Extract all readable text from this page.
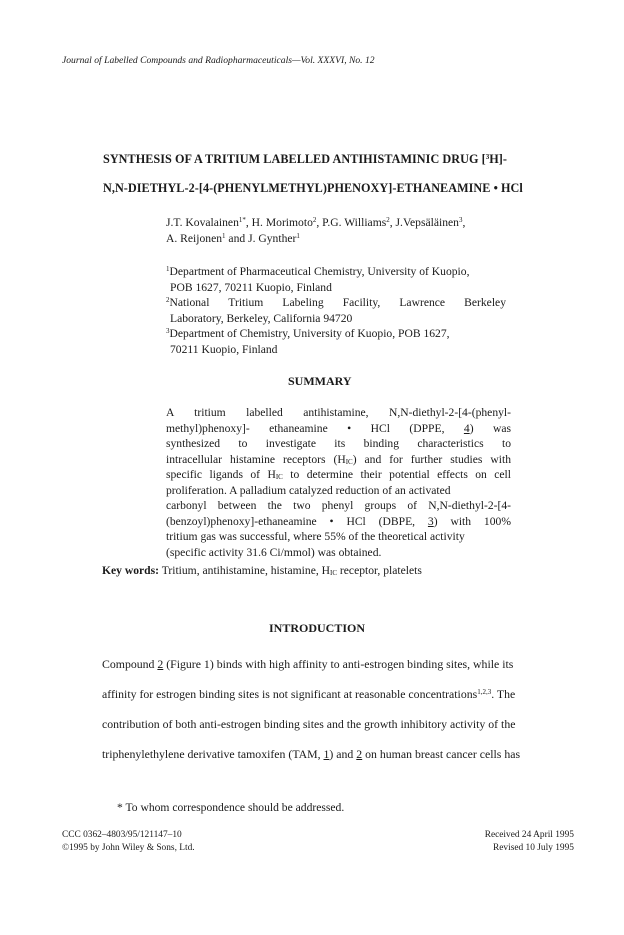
Journal of Labelled Compounds and Radiopharmaceuticals—Vol. XXXVI, No. 12
SYNTHESIS OF A TRITIUM LABELLED ANTIHISTAMINIC DRUG [$^3$H]-
N,N-DIETHYL-2-[4-(PHENYLMETHYL)PHENOXY]-ETHANEAMINE • HCl
J.T. Kovalainen$^{1*}$, H. Morimoto$^2$, P.G. Williams$^2$, J.Vepsäläinen$^3$,
A. Reijonen$^1$ and J. Gynther$^1$

$^1$Department of Pharmaceutical Chemistry, University of Kuopio,

POB 1627, 70211 Kuopio, Finland

$^2$National Tritium Labeling Facility, Lawrence Berkeley

Laboratory, Berkeley, California 94720

$^3$Department of Chemistry, University of Kuopio, POB 1627,

70211 Kuopio, Finland

SUMMARY
A tritium labelled antihistamine, N,N-diethyl-2-[4-(phenyl-
methyl)phenoxy]- ethaneamine • HCl (DPPE, 4) was
synthesized to investigate its binding characteristics to
intracellular histamine receptors $(H_{IC})$ and for further studies with
specific ligands of $H_{IC}$ to determine their potential effects on cell
proliferation. A palladium catalyzed reduction of an activated
carbonyl between the two phenyl groups of N,N-diethyl-2-[4-
(benzoyl)phenoxy]-ethaneamine • HCl (DBPE, 3) with 100%
tritium gas was successful, where 55% of the theoretical activity
(specific activity 31.6 Ci/mmol) was obtained.
Key words: Tritium, antihistamine, histamine, $H_{IC}$ receptor, platelets
INTRODUCTION
Compound 2 (Figure 1) binds with high affinity to anti-estrogen binding sites, while its
affinity for estrogen binding sites is not significant at reasonable concentrations$^{1,2,3}$. The
contribution of both anti-estrogen binding sites and the growth inhibitory activity of the
triphenylethylene derivative tamoxifen (TAM, 1) and 2 on human breast cancer cells has
* To whom correspondence should be addressed.
CCC 0362–4803/95/121147–10
©1995 by John Wiley & Sons, Ltd.
Received 24 April 1995
Revised 10 July 1995
